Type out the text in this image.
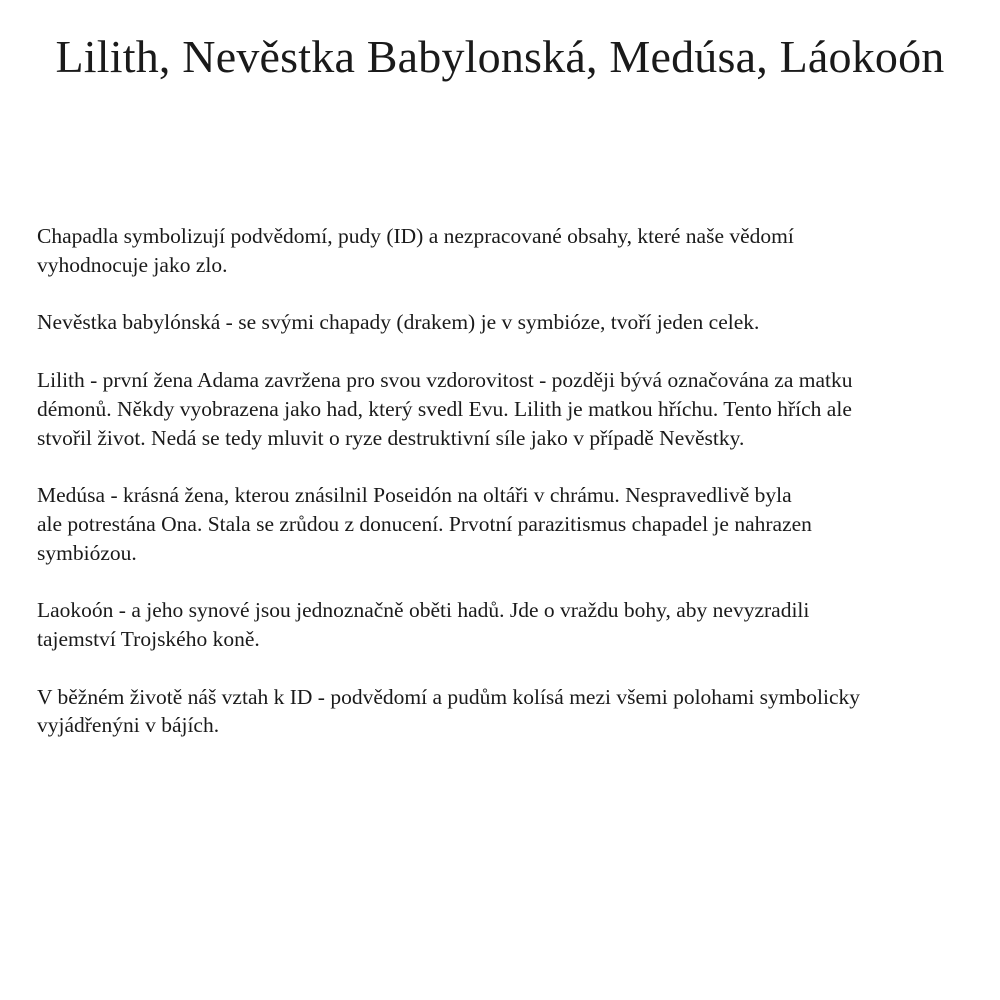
Lilith, Nevěstka Babylonská, Medúsa, Láokoón

Chapadla symbolizují podvědomí, pudy (ID) a nezpracované obsahy, které naše vědomí
vyhodnocuje jako zlo.

Nevěstka babylónská - se svými chapady (drakem) je v symbióze, tvoří jeden celek.

Lilith - první žena Adama zavržena pro svou vzdorovitost - později bývá označována za matku
démonů. Někdy vyobrazena jako had, který svedl Evu. Lilith je matkou hříchu. Tento hřích ale
stvořil život. Nedá se tedy mluvit o ryze destruktivní síle jako v případě Nevěstky.

Medúsa - krásná žena, kterou znásilnil Poseidón na oltáři v chrámu. Nespravedlivě byla
ale potrestána Ona. Stala se zrůdou z donucení. Prvotní parazitismus chapadel je nahrazen
symbiózou.

Laokoón - a jeho synové jsou jednoznačně oběti hadů. Jde o vraždu bohy, aby nevyzradili
tajemství Trojského koně.

V běžném životě náš vztah k ID - podvědomí a pudům kolísá mezi všemi polohami symbolicky
vyjádřenýni v bájích.
